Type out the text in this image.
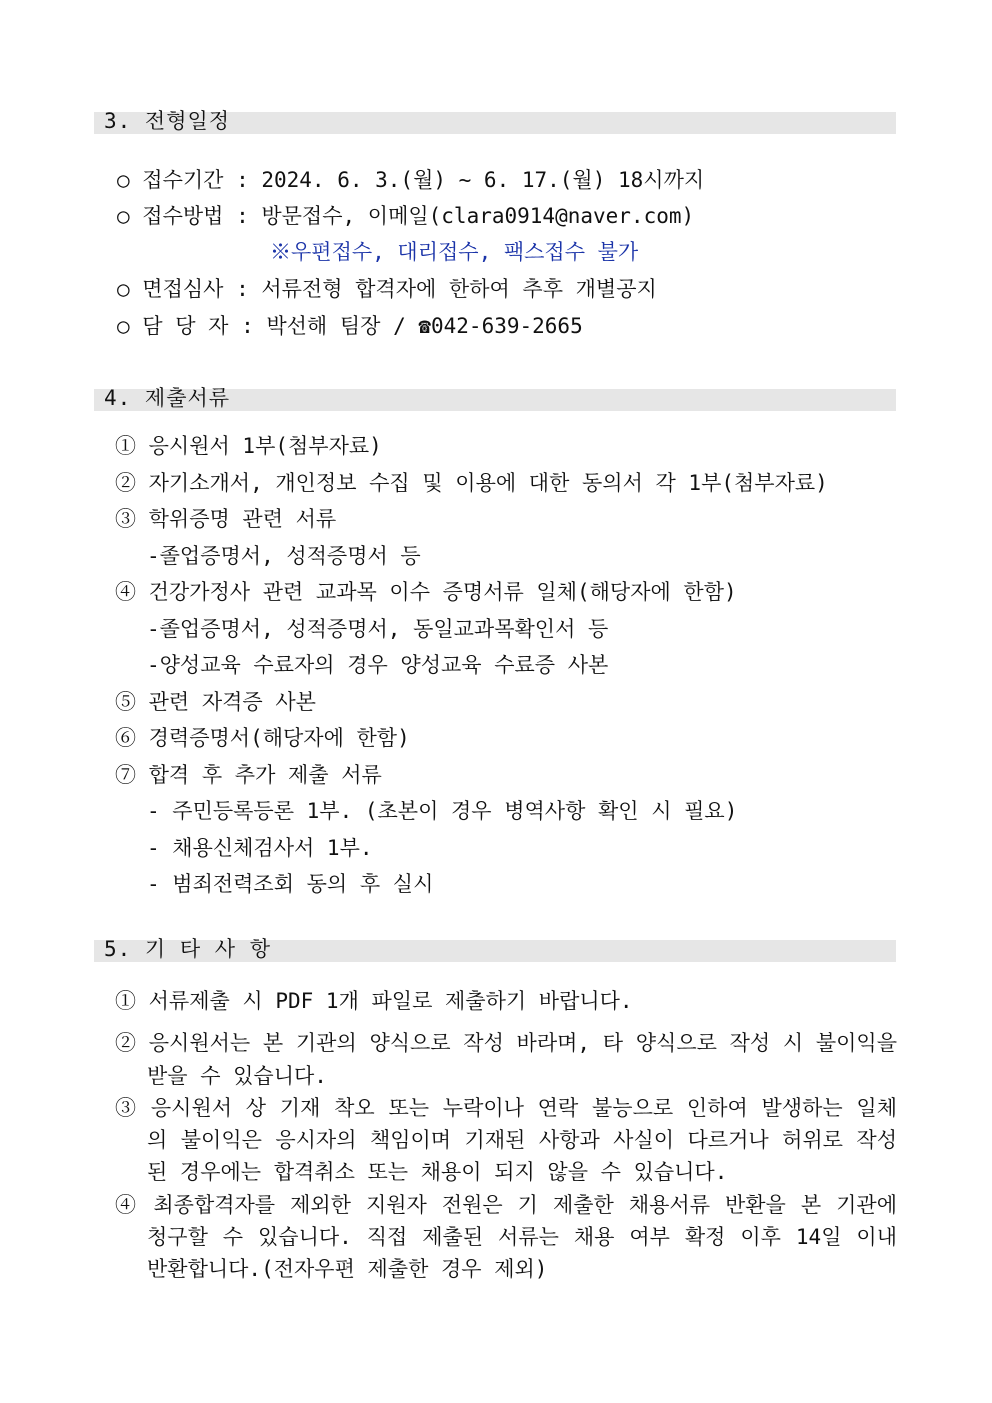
3. 전형일정
○ 접수기간 : 2024. 6. 3.(월) ~ 6. 17.(월) 18시까지
○ 접수방법 : 방문접수, 이메일(clara0914@naver.com)
※우편접수, 대리접수, 팩스접수 불가
○ 면접심사 : 서류전형 합격자에 한하여 추후 개별공지
○ 담 당 자 : 박선해 팀장 / ☎042-639-2665
4. 제출서류
① 응시원서 1부(첨부자료)
② 자기소개서, 개인정보 수집 및 이용에 대한 동의서 각 1부(첨부자료)
③ 학위증명 관련 서류
-졸업증명서, 성적증명서 등
④ 건강가정사 관련 교과목 이수 증명서류 일체(해당자에 한함)
-졸업증명서, 성적증명서, 동일교과목확인서 등
-양성교육 수료자의 경우 양성교육 수료증 사본
⑤ 관련 자격증 사본
⑥ 경력증명서(해당자에 한함)
⑦ 합격 후 추가 제출 서류
- 주민등록등론 1부. (초본이 경우 병역사항 확인 시 필요)
- 채용신체검사서 1부.
- 범죄전력조회 동의 후 실시
5. 기 타 사 항
① 서류제출 시 PDF 1개 파일로 제출하기 바랍니다.
② 응시원서는 본 기관의 양식으로 작성 바라며, 타 양식으로 작성 시 불이익을
받을 수 있습니다.
③ 응시원서 상 기재 착오 또는 누락이나 연락 불능으로 인하여 발생하는 일체
의 불이익은 응시자의 책임이며 기재된 사항과 사실이 다르거나 허위로 작성
된 경우에는 합격취소 또는 채용이 되지 않을 수 있습니다.
④ 최종합격자를 제외한 지원자 전원은 기 제출한 채용서류 반환을 본 기관에
청구할 수 있습니다. 직접 제출된 서류는 채용 여부 확정 이후 14일 이내
반환합니다.(전자우편 제출한 경우 제외)
